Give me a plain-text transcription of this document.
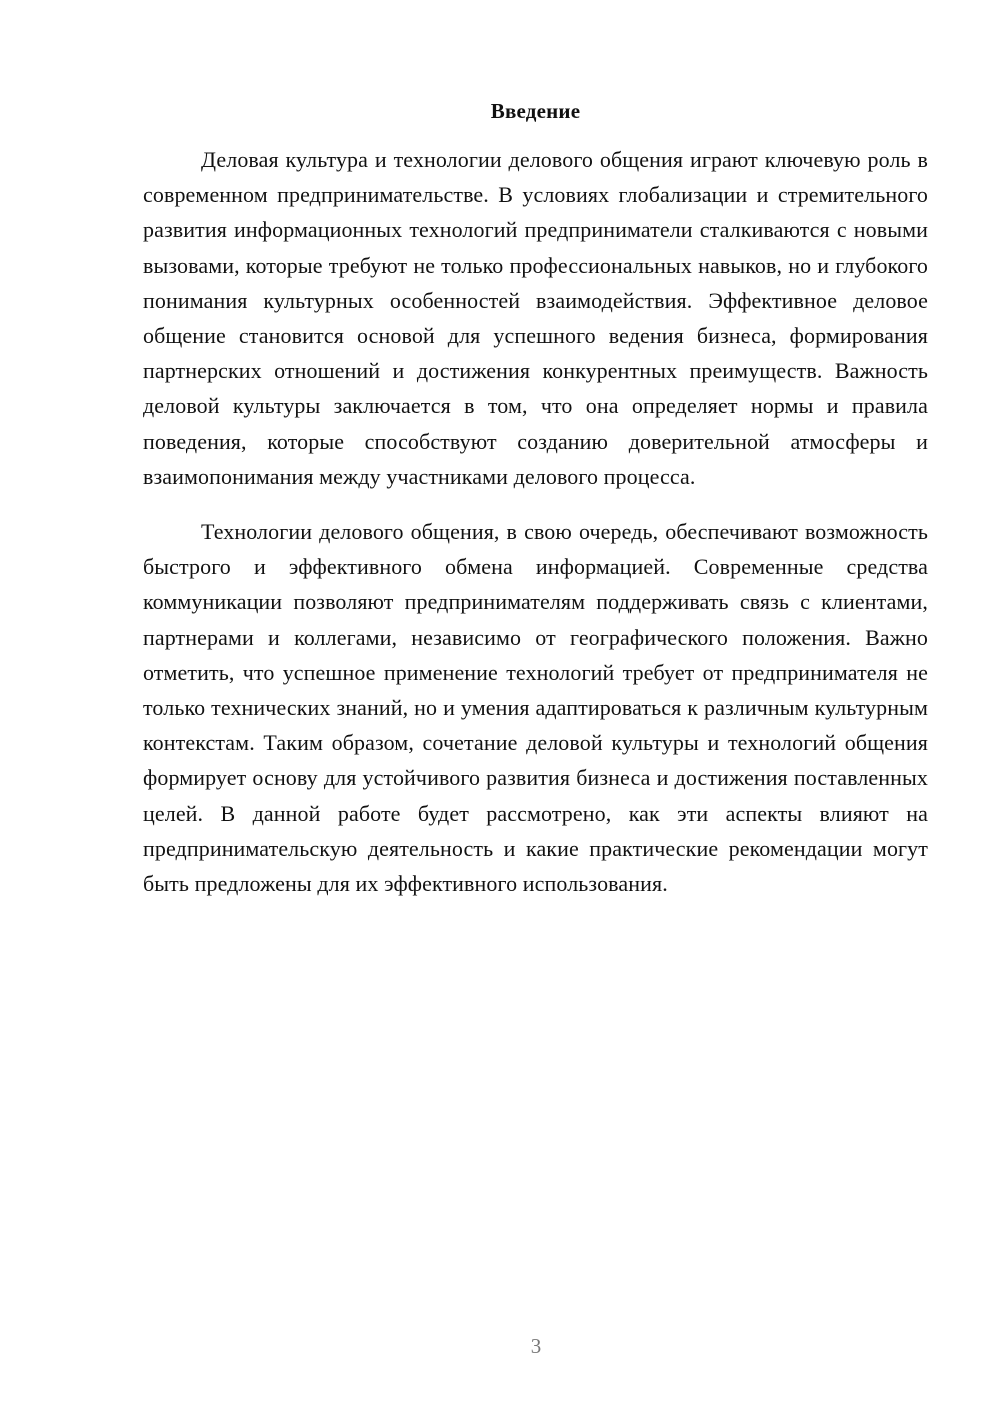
Введение

Деловая культура и технологии делового общения играют ключевую роль в современном предпринимательстве. В условиях глобализации и стремительного развития информационных технологий предприниматели сталкиваются с новыми вызовами, которые требуют не только профессиональных навыков, но и глубокого понимания культурных особенностей взаимодействия. Эффективное деловое общение становится основой для успешного ведения бизнеса, формирования партнерских отношений и достижения конкурентных преимуществ. Важность деловой культуры заключается в том, что она определяет нормы и правила поведения, которые способствуют созданию доверительной атмосферы и взаимопонимания между участниками делового процесса.

Технологии делового общения, в свою очередь, обеспечивают возможность быстрого и эффективного обмена информацией. Современные средства коммуникации позволяют предпринимателям поддерживать связь с клиентами, партнерами и коллегами, независимо от географического положения. Важно отметить, что успешное применение технологий требует от предпринимателя не только технических знаний, но и умения адаптироваться к различным культурным контекстам. Таким образом, сочетание деловой культуры и технологий общения формирует основу для устойчивого развития бизнеса и достижения поставленных целей. В данной работе будет рассмотрено, как эти аспекты влияют на предпринимательскую деятельность и какие практические рекомендации могут быть предложены для их эффективного использования.

3
